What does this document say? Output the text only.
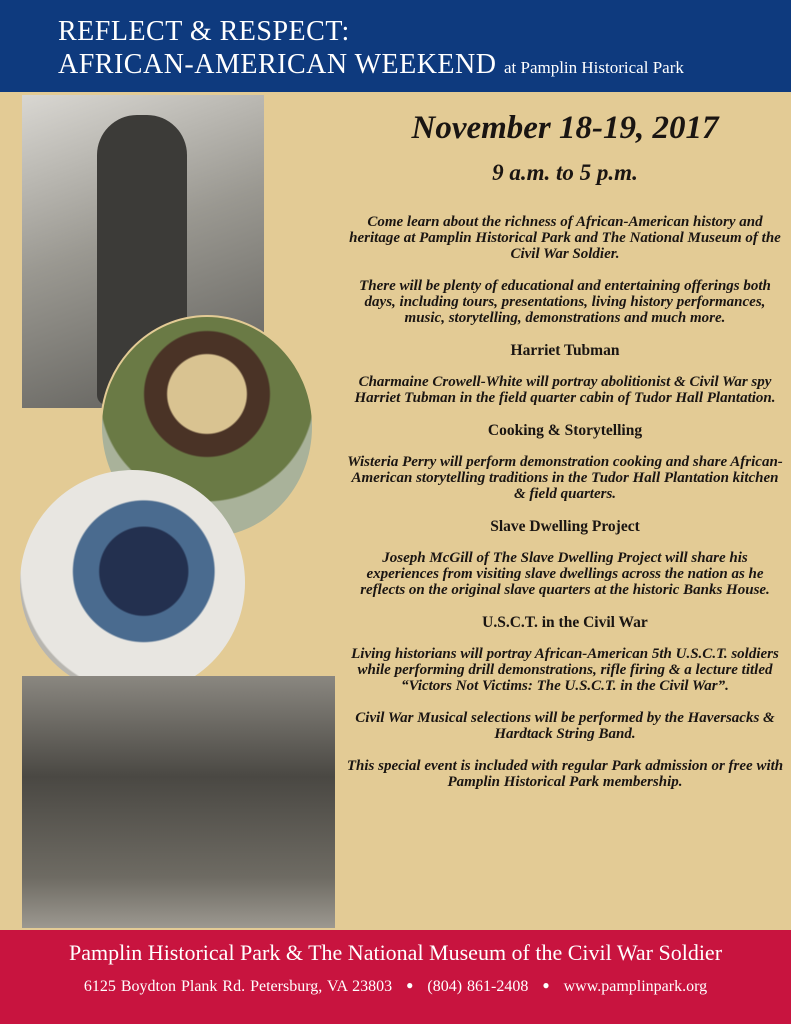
REFLECT & RESPECT:
AFRICAN-AMERICAN WEEKEND at Pamplin Historical Park
November 18-19, 2017
9 a.m. to 5 p.m.
Come learn about the richness of African-American history and heritage at Pamplin Historical Park and The National Museum of the Civil War Soldier.
There will be plenty of educational and entertaining offerings both days, including tours, presentations, living history performances, music, storytelling, demonstrations and much more.
Harriet Tubman
Charmaine Crowell-White will portray abolitionist & Civil War spy Harriet Tubman in the field quarter cabin of Tudor Hall Plantation.
Cooking & Storytelling
Wisteria Perry will perform demonstration cooking and share African-American storytelling traditions in the Tudor Hall Plantation kitchen & field quarters.
Slave Dwelling Project
Joseph McGill of The Slave Dwelling Project will share his experiences from visiting slave dwellings across the nation as he reflects on the original slave quarters at the historic Banks House.
U.S.C.T. in the Civil War
Living historians will portray African-American 5th U.S.C.T. soldiers while performing drill demonstrations, rifle firing & a lecture titled “Victors Not Victims: The U.S.C.T. in the Civil War”.
Civil War Musical selections will be performed by the Haversacks & Hardtack String Band.
This special event is included with regular Park admission or free with Pamplin Historical Park membership.
Pamplin Historical Park & The National Museum of the Civil War Soldier
6125 Boydton Plank Rd. Petersburg, VA 23803 ● (804) 861-2408 ● www.pamplinpark.org
